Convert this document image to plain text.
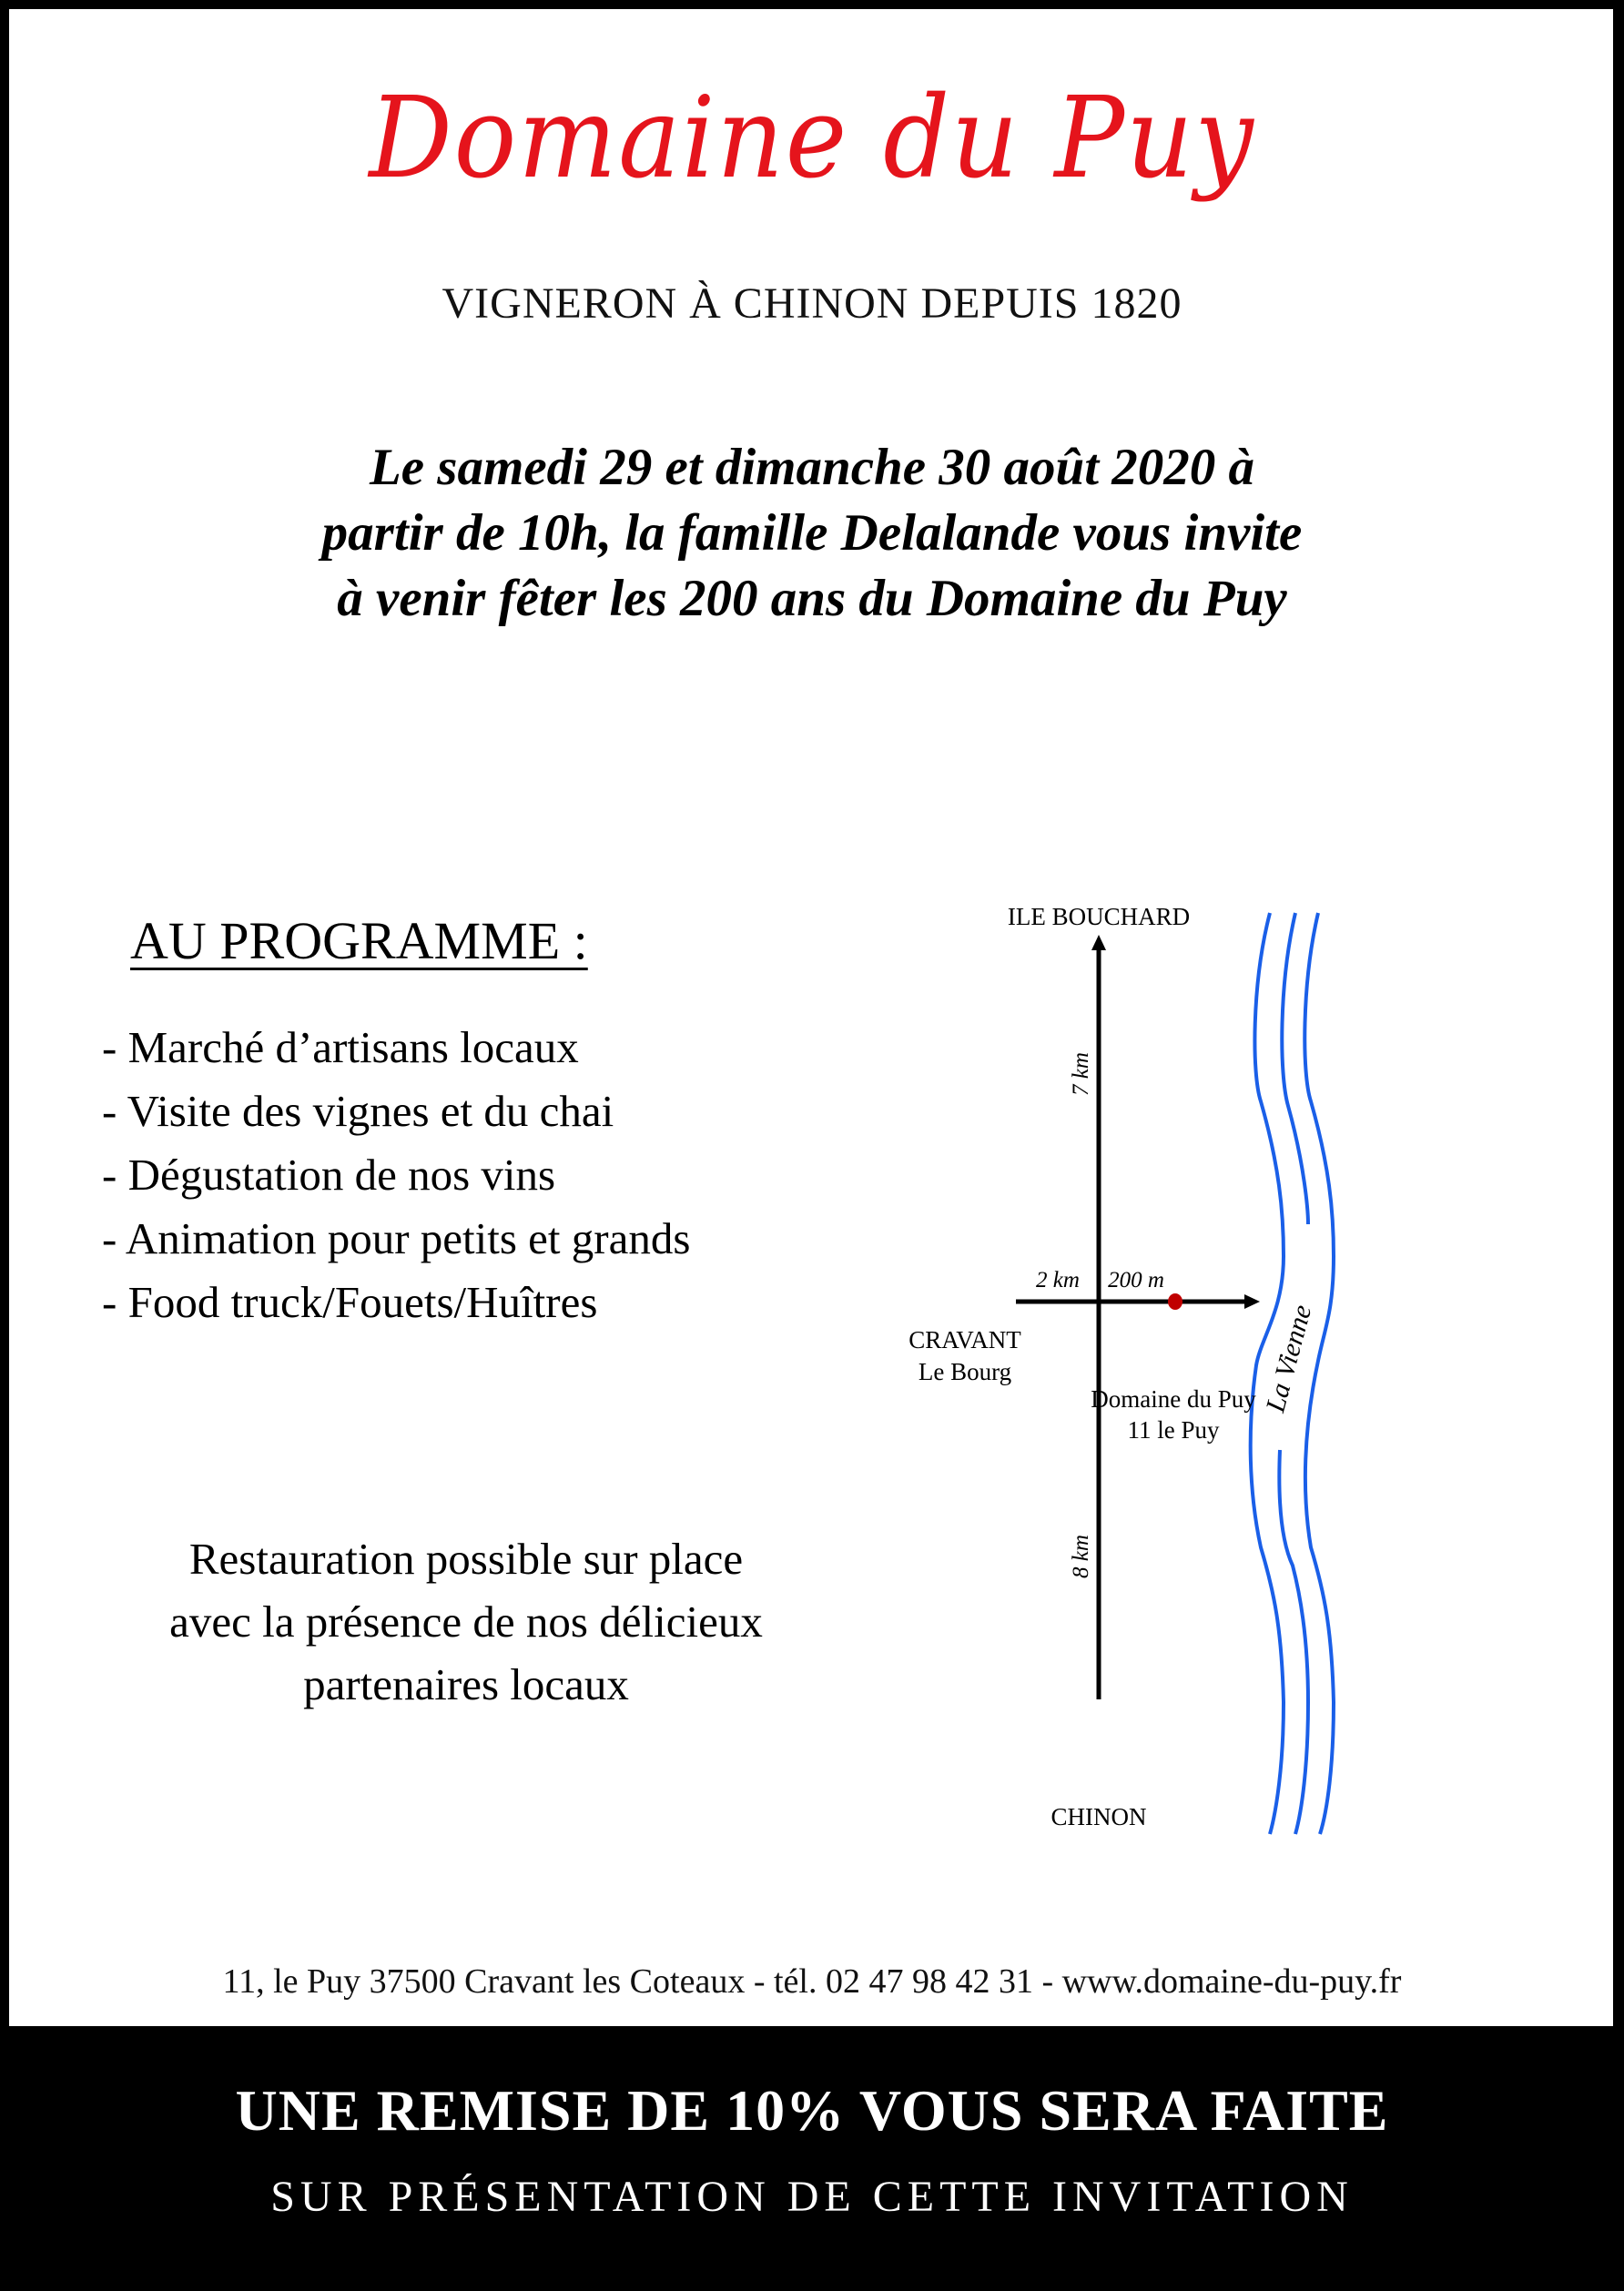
Domaine du Puy
VIGNERON À CHINON DEPUIS 1820
Le samedi 29 et dimanche 30 août 2020 à
partir de 10h, la famille Delalande vous invite
à venir fêter les 200 ans du Domaine du Puy
AU PROGRAMME :
- Marché d’artisans locaux
- Visite des vignes et du chai
- Dégustation de nos vins
- Animation pour petits et grands
- Food truck/Fouets/Huîtres
Restauration possible sur place
avec la présence de nos délicieux
partenaires locaux
ILE BOUCHARD
CHINON
CRAVANT
Le Bourg
2 km 200 m
Domaine du Puy
11 le Puy
7 km
8 km
La Vienne
11, le Puy 37500 Cravant les Coteaux - tél. 02 47 98 42 31 - www.domaine-du-puy.fr
UNE REMISE DE 10% VOUS SERA FAITE
SUR PRÉSENTATION DE CETTE INVITATION
